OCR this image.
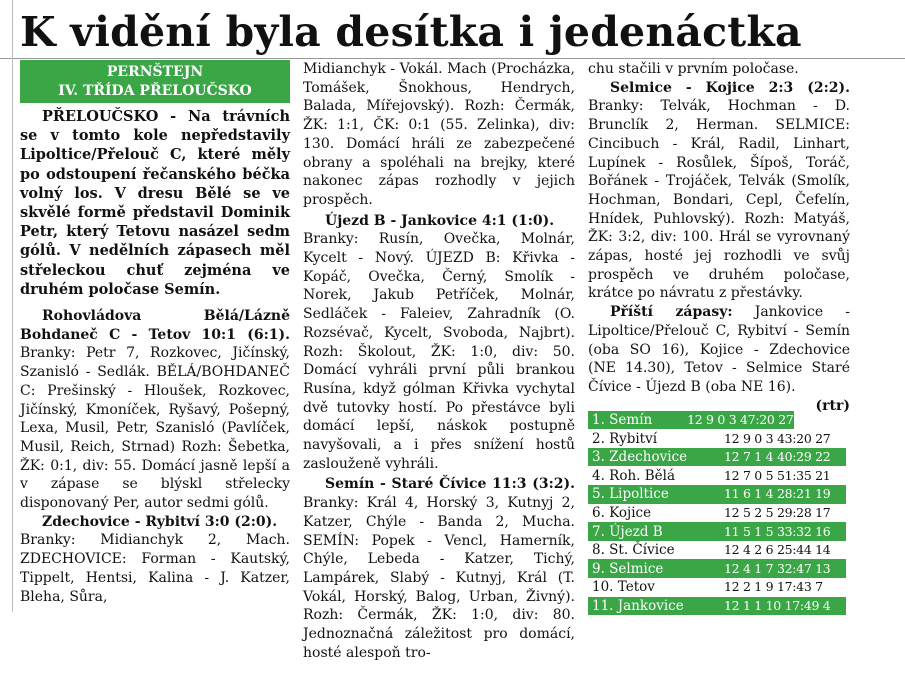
K vidění byla desítka i jedenáctka
PERNŠTEJN
IV. TŘÍDA PŘELOUČSKO

PŘELOUČSKO - Na trávních se v tomto kole nepředstavily Lipoltice/Přelouč C, které měly po odstoupení řečanského béčka volný los. V dresu Bělé se ve skvělé formě představil Dominik Petr, který Tetovu nasázel sedm gólů. V nedělních zápasech měl střeleckou chuť zejména ve druhém poločase Semín.

Rohovládova Bělá/Lázně Bohdaneč C - Tetov 10:1 (6:1). Branky: Petr 7, Rozkovec, Jičínský, Szanisló - Sedlák. BĚLÁ/BOHDANEČ C: Prešinský - Hloušek, Rozkovec, Jičínský, Kmoníček, Ryšavý, Pošepný, Lexa, Musil, Petr, Szanisló (Pavlíček, Musil, Reich, Strnad) Rozh: Šebetka, ŽK: 0:1, div: 55. Domácí jasně lepší a v zápase se blýskl střelecky disponovaný Per, autor sedmi gólů.

Zdechovice - Rybitví 3:0 (2:0).

Branky: Midianchyk 2, Mach. ZDECHOVICE: Forman - Kautský, Tippelt, Hentsi, Kalina - J. Katzer, Bleha, Sůra,

Midianchyk - Vokál. Mach (Procházka, Tomášek, Šnokhous, Hendrych, Balada, Mířejovský). Rozh: Čermák, ŽK: 1:1, ČK: 0:1 (55. Zelinka), div: 130. Domácí hráli ze zabezpečené obrany a spoléhali na brejky, které nakonec zápas rozhodly v jejich prospěch.

Újezd B - Jankovice 4:1 (1:0).

Branky: Rusín, Ovečka, Molnár, Kycelt - Nový. ÚJEZD B: Křivka - Kopáč, Ovečka, Černý, Smolík - Norek, Jakub Petříček, Molnár, Sedláček - Faleiev, Zahradník (O. Rozsévač, Kycelt, Svoboda, Najbrt). Rozh: Školout, ŽK: 1:0, div: 50. Domácí vyhráli první půli brankou Rusína, když gólman Křivka vychytal dvě tutovky hostí. Po přestávce byli domácí lepší, náskok postupně navyšovali, a i přes snížení hostů zaslouženě vyhráli.

Semín - Staré Čívice 11:3 (3:2). Branky: Král 4, Horský 3, Kutnyj 2, Katzer, Chýle - Banda 2, Mucha. SEMÍN: Popek - Vencl, Hamerník, Chýle, Lebeda - Katzer, Tichý, Lampárek, Slabý - Kutnyj, Král (T. Vokál, Horský, Balog, Urban, Živný). Rozh: Čermák, ŽK: 1:0, div: 80. Jednoznačná záležitost pro domácí, hosté alespoň tro-

chu stačili v prvním poločase.

Selmice - Kojice 2:3 (2:2). Branky: Telvák, Hochman - D. Brunclík 2, Herman. SELMICE: Cincibuch - Král, Radil, Linhart, Lupínek - Rosůlek, Šípoš, Toráč, Bořánek - Trojáček, Telvák (Smolík, Hochman, Bondari, Cepl, Čefelín, Hnídek, Puhlovský). Rozh: Matyáš, ŽK: 3:2, div: 100. Hrál se vyrovnaný zápas, hosté jej rozhodli ve svůj prospěch ve druhém poločase, krátce po návratu z přestávky.

Příští zápasy: Jankovice - Lipoltice/Přelouč C, Rybitví - Semín (oba SO 16), Kojice - Zdechovice (NE 14.30), Tetov - Selmice Staré Čívice - Újezd B (oba NE 16).
(rtr)

1. Semín	12 9 0 3 47:20 27
2. Rybitví	12 9 0 3 43:20 27
3. Zdechovice	12 7 1 4 40:29 22
4. Roh. Bělá	12 7 0 5 51:35 21
5. Lipoltice	11 6 1 4 28:21 19
6. Kojice	12 5 2 5 29:28 17
7. Újezd B	11 5 1 5 33:32 16
8. St. Čívice	12 4 2 6 25:44 14
9. Selmice	12 4 1 7 32:47 13
10. Tetov	12 2 1 9 17:43 7
11. Jankovice	12 1 1 10 17:49 4
